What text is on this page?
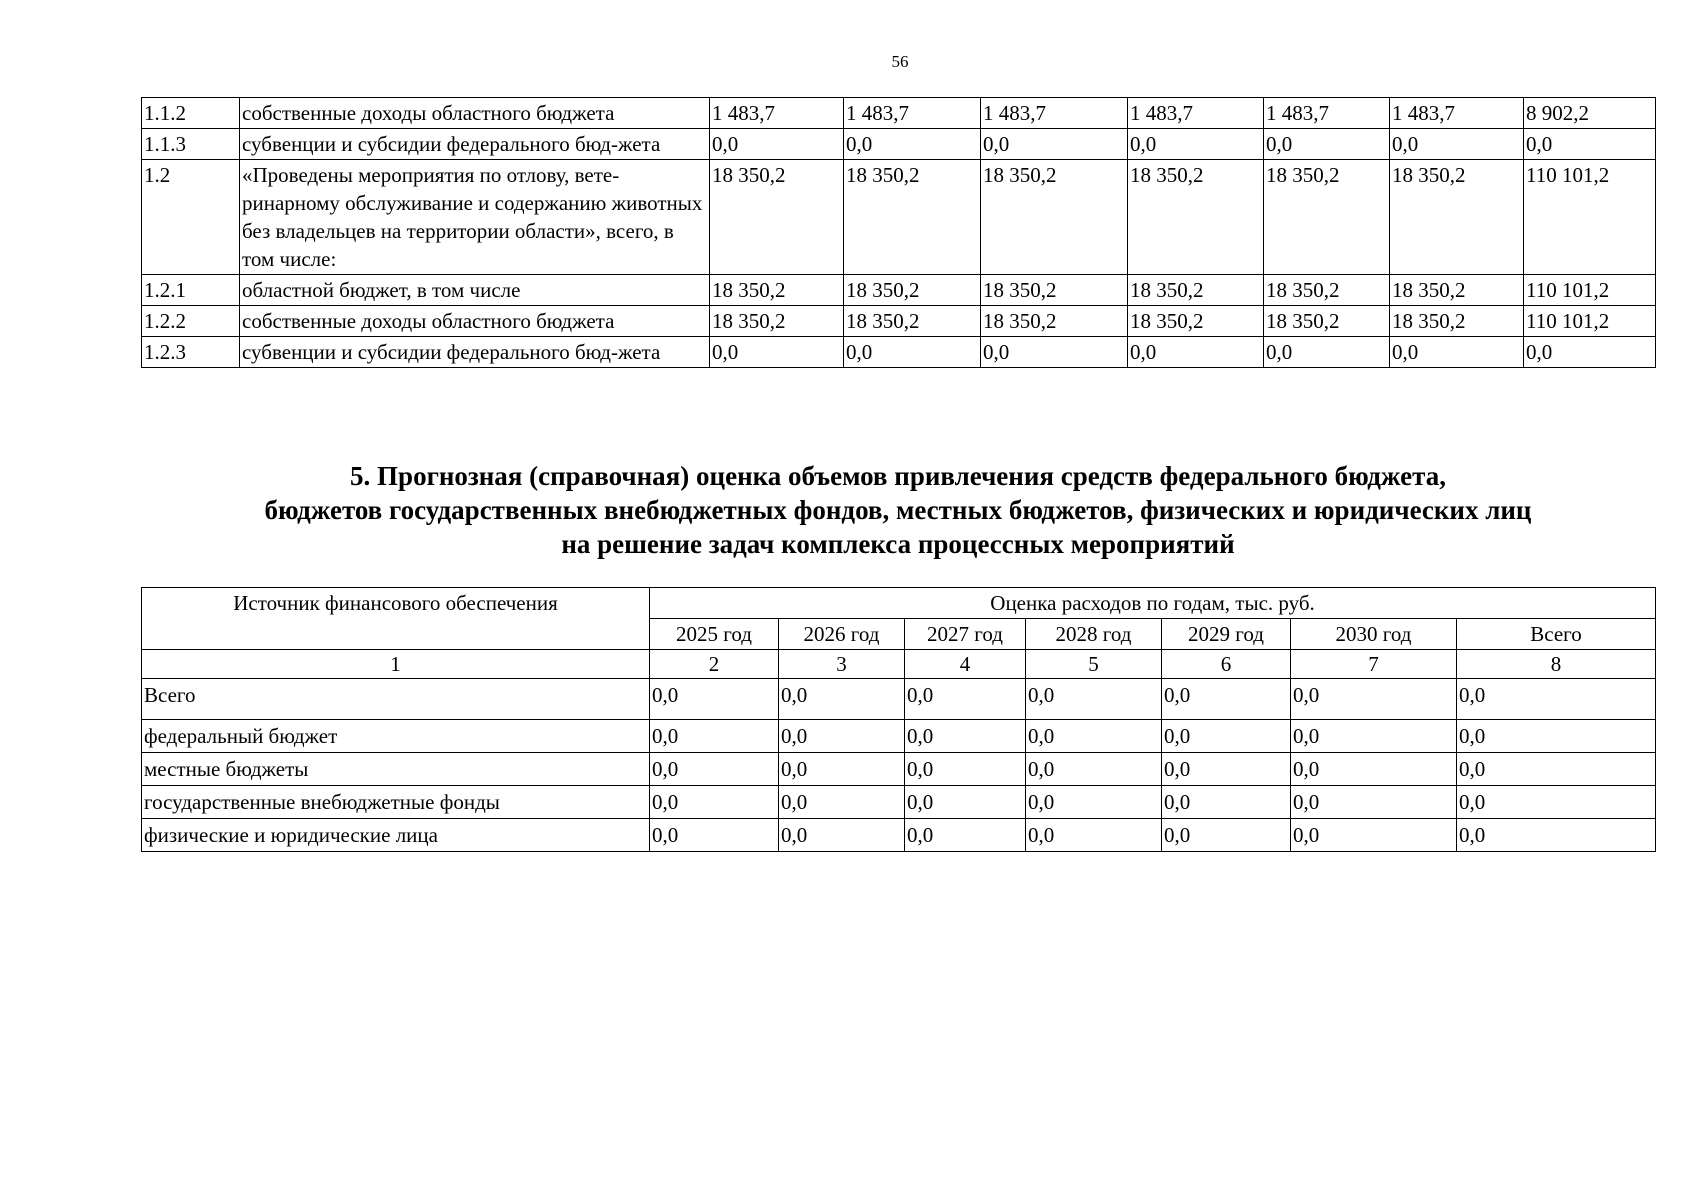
56
1.1.2	собственные доходы областного бюджета	1 483,7	1 483,7	1 483,7	1 483,7	1 483,7	1 483,7	8 902,2
1.1.3	субвенции и субсидии федерального бюд-жета	0,0	0,0	0,0	0,0	0,0	0,0	0,0
1.2	«Проведены мероприятия по отлову, вете-ринарному обслуживание и содержанию животных без владельцев на территории области», всего, в том числе:	18 350,2	18 350,2	18 350,2	18 350,2	18 350,2	18 350,2	110 101,2
1.2.1	областной бюджет, в том числе	18 350,2	18 350,2	18 350,2	18 350,2	18 350,2	18 350,2	110 101,2
1.2.2	собственные доходы областного бюджета	18 350,2	18 350,2	18 350,2	18 350,2	18 350,2	18 350,2	110 101,2
1.2.3	субвенции и субсидии федерального бюд-жета	0,0	0,0	0,0	0,0	0,0	0,0	0,0
5. Прогнозная (справочная) оценка объемов привлечения средств федерального бюджета,
бюджетов государственных внебюджетных фондов, местных бюджетов, физических и юридических лиц
на решение задач комплекса процессных мероприятий
Источник финансового обеспечения	Оценка расходов по годам, тыс. руб.						
	2025 год	2026 год	2027 год	2028 год	2029 год	2030 год	Всего
1	2	3	4	5	6	7	8
Всего	0,0	0,0	0,0	0,0	0,0	0,0	0,0
федеральный бюджет	0,0	0,0	0,0	0,0	0,0	0,0	0,0
местные бюджеты	0,0	0,0	0,0	0,0	0,0	0,0	0,0
государственные внебюджетные фонды	0,0	0,0	0,0	0,0	0,0	0,0	0,0
физические и юридические лица	0,0	0,0	0,0	0,0	0,0	0,0	0,0
